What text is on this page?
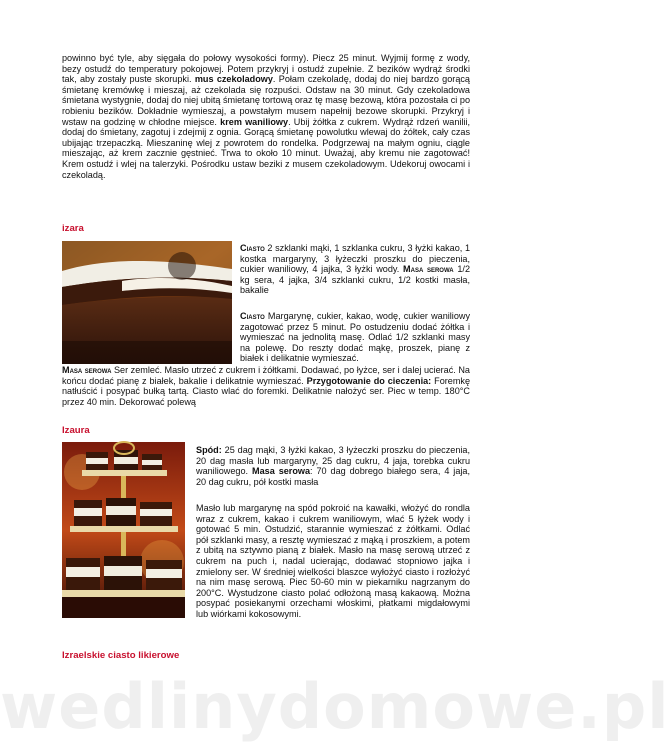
powinno być tyle, aby sięgała do połowy wysokości formy). Piecz 25 minut. Wyjmij formę z wody, bezy ostudź do temperatury pokojowej. Potem przykryj i ostudź zupełnie. Z bezików wydrąż środki tak, aby zostały puste skorupki. mus czekoladowy. Połam czekoladę, dodaj do niej bardzo gorącą śmietanę kremówkę i mieszaj, aż czekolada się rozpuści. Odstaw na 30 minut. Gdy czekoladowa śmietana wystygnie, dodaj do niej ubitą śmietanę tortową oraz tę masę bezową, która pozostała ci po robieniu bezików. Dokładnie wymieszaj, a powstałym musem napełnij bezowe skorupki. Przykryj i wstaw na godzinę w chłodne miejsce. krem waniliowy. Ubij żółtka z cukrem. Wydrąż rdzeń wanilii, dodaj do śmietany, zagotuj i zdejmij z ognia. Gorącą śmietanę powolutku wlewaj do żółtek, cały czas ubijając trzepaczką. Mieszaninę wlej z powrotem do rondelka. Podgrzewaj na małym ogniu, ciągle mieszając, aż krem zacznie gęstnieć. Trwa to około 10 minut. Uważaj, aby kremu nie zagotować! Krem ostudź i wlej na talerzyki. Pośrodku ustaw beziki z musem czekoladowym. Udekoruj owocami i czekoladą.

izara

Ciasto 2 szklanki mąki, 1 szklanka cukru, 3 łyżki kakao, 1 kostka margaryny, 3 łyżeczki proszku do pieczenia, cukier waniliowy, 4 jajka, 3 łyżki wody. Masa serowa 1/2 kg sera, 4 jajka, 3/4 szklanki cukru, 1/2 kostki masła, bakalie

Ciasto Margarynę, cukier, kakao, wodę, cukier waniliowy zagotować przez 5 minut. Po ostudzeniu dodać żółtka i wymieszać na jednolitą masę. Odlać 1/2 szklanki masy na polewę. Do reszty dodać mąkę, proszek, pianę z białek i delikatnie wymieszać.

Masa serowa Ser zemleć. Masło utrzeć z cukrem i żółtkami. Dodawać, po łyżce, ser i dalej ucierać. Na końcu dodać pianę z białek, bakalie i delikatnie wymieszać. Przygotowanie do cieczenia: Foremkę natłuścić i posypać bułką tartą. Ciasto wlać do foremki. Delikatnie nałożyć ser. Piec w temp. 180°C przez 40 min. Dekorować polewą

Izaura

Spód: 25 dag mąki, 3 łyżki kakao, 3 łyżeczki proszku do pieczenia, 20 dag masła lub margaryny, 25 dag cukru, 4 jaja, torebka cukru waniliowego. Masa serowa: 70 dag dobrego białego sera, 4 jaja, 20 dag cukru, pół kostki masła

Masło lub margarynę na spód pokroić na kawałki, włożyć do rondla wraz z cukrem, kakao i cukrem waniliowym, wlać 5 łyżek wody i gotować 5 min. Ostudzić, starannie wymieszać z żółtkami. Odlać pół szklanki masy, a resztę wymieszać z mąką i proszkiem, a potem z ubitą na sztywno pianą z białek. Masło na masę serową utrzeć z cukrem na puch i, nadal ucierając, dodawać stopniowo jajka i zmielony ser. W średniej wielkości blaszce wyłożyć ciasto i rozłożyć na nim masę serową. Piec 50-60 min w piekarniku nagrzanym do 200°C. Wystudzone ciasto polać odłożoną masą kakaową. Można posypać posiekanymi orzechami włoskimi, płatkami migdałowymi lub wiórkami kokosowymi.

Izraelskie ciasto likierowe

wedlinydomowe.pl
